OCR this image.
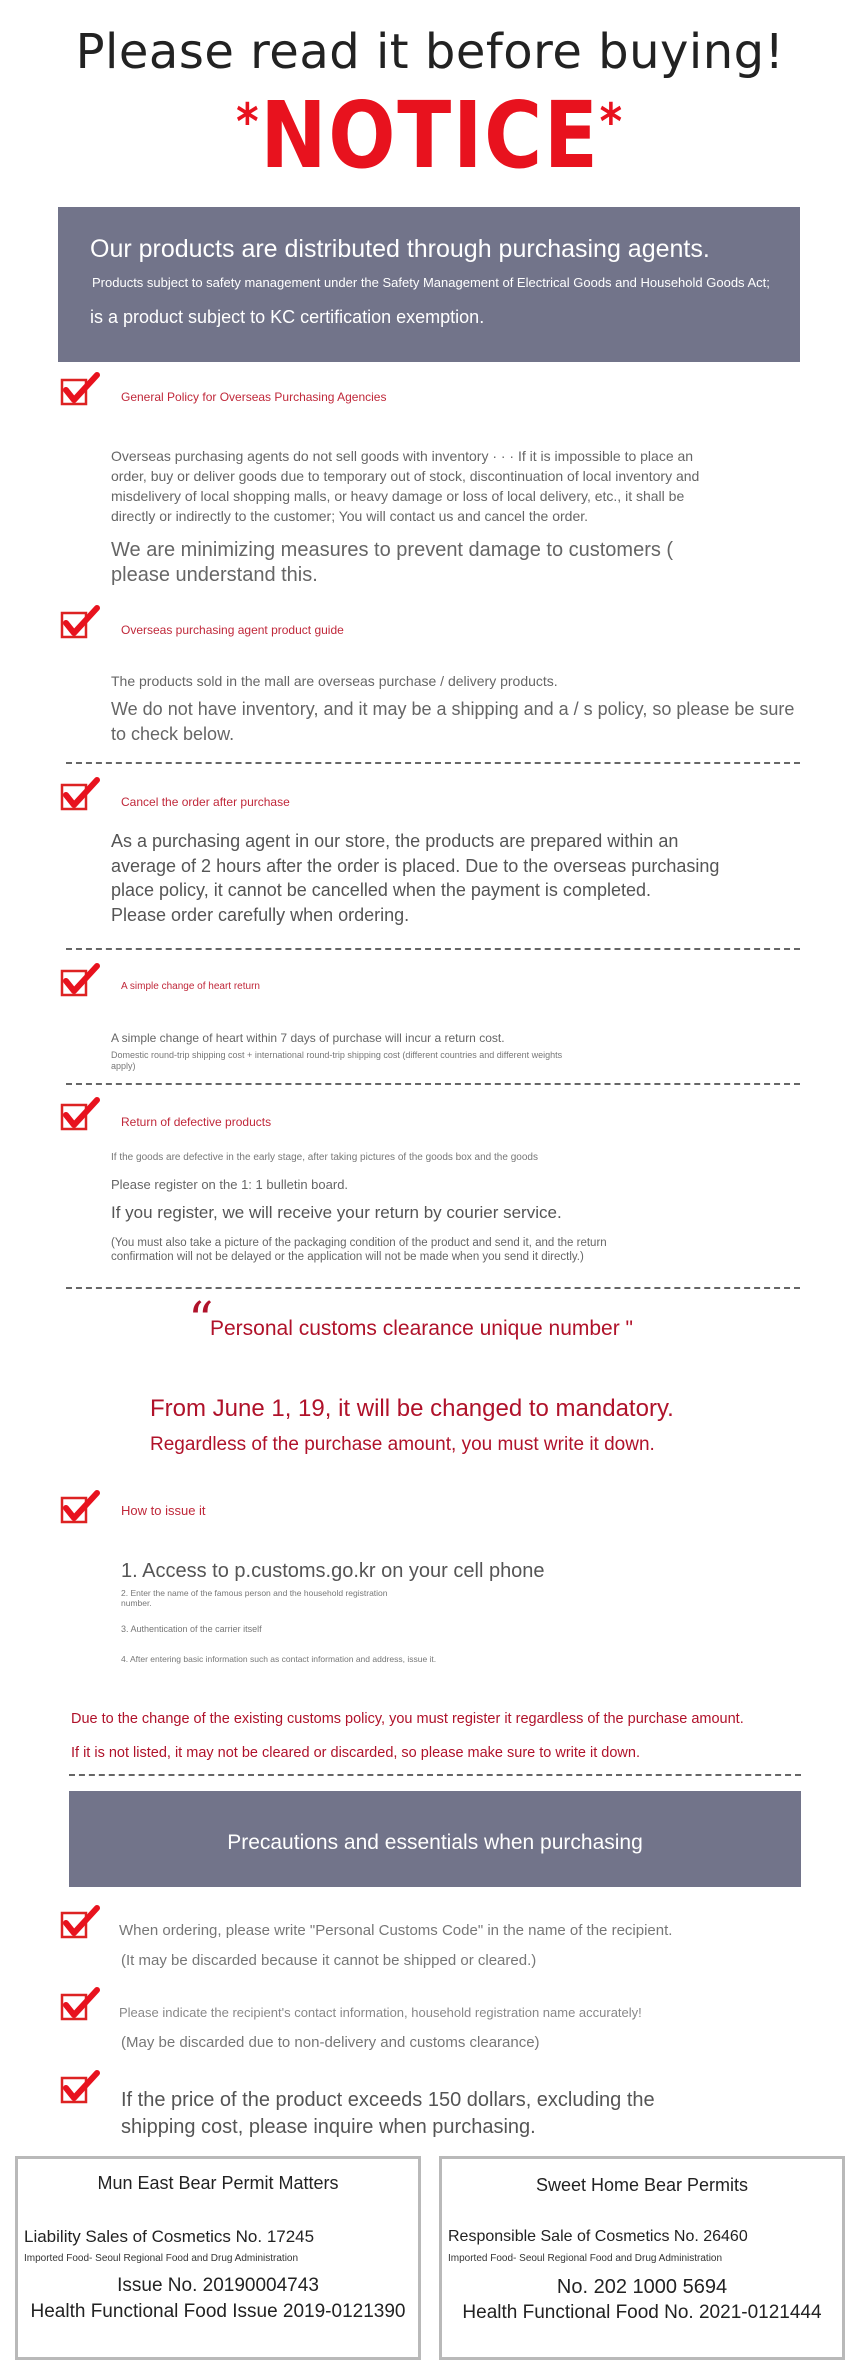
Please read it before buying!
*NOTICE*
Our products are distributed through purchasing agents.
Products subject to safety management under the Safety Management of Electrical Goods and Household Goods Act;
is a product subject to KC certification exemption.
General Policy for Overseas Purchasing Agencies
Overseas purchasing agents do not sell goods with inventory · · · If it is impossible to place an
order, buy or deliver goods due to temporary out of stock, discontinuation of local inventory and
misdelivery of local shopping malls, or heavy damage or loss of local delivery, etc., it shall be
directly or indirectly to the customer; You will contact us and cancel the order.
We are minimizing measures to prevent damage to customers (
please understand this.
Overseas purchasing agent product guide
The products sold in the mall are overseas purchase / delivery products.
We do not have inventory, and it may be a shipping and a / s policy, so please be sure
to check below.
Cancel the order after purchase
As a purchasing agent in our store, the products are prepared within an
average of 2 hours after the order is placed. Due to the overseas purchasing
place policy, it cannot be cancelled when the payment is completed.
Please order carefully when ordering.
A simple change of heart return
A simple change of heart within 7 days of purchase will incur a return cost.
Domestic round-trip shipping cost + international round-trip shipping cost (different countries and different weights
apply)
Return of defective products
If the goods are defective in the early stage, after taking pictures of the goods box and the goods
Please register on the 1: 1 bulletin board.
If you register, we will receive your return by courier service.
(You must also take a picture of the packaging condition of the product and send it, and the return
confirmation will not be delayed or the application will not be made when you send it directly.)
“
Personal customs clearance unique number "
From June 1, 19, it will be changed to mandatory.
Regardless of the purchase amount, you must write it down.
How to issue it
1. Access to p.customs.go.kr on your cell phone
2. Enter the name of the famous person and the household registration
number.
3. Authentication of the carrier itself
4. After entering basic information such as contact information and address, issue it.
Due to the change of the existing customs policy, you must register it regardless of the purchase amount.
If it is not listed, it may not be cleared or discarded, so please make sure to write it down.
Precautions and essentials when purchasing
When ordering, please write "Personal Customs Code" in the name of the recipient.
(It may be discarded because it cannot be shipped or cleared.)
Please indicate the recipient's contact information, household registration name accurately!
(May be discarded due to non-delivery and customs clearance)
If the price of the product exceeds 150 dollars, excluding the
shipping cost, please inquire when purchasing.
Mun East Bear Permit Matters
Liability Sales of Cosmetics No. 17245
Imported Food- Seoul Regional Food and Drug Administration
Issue No. 20190004743
Health Functional Food Issue 2019-0121390
Sweet Home Bear Permits
Responsible Sale of Cosmetics No. 26460
Imported Food- Seoul Regional Food and Drug Administration
No. 202 1000 5694
Health Functional Food No. 2021-0121444
